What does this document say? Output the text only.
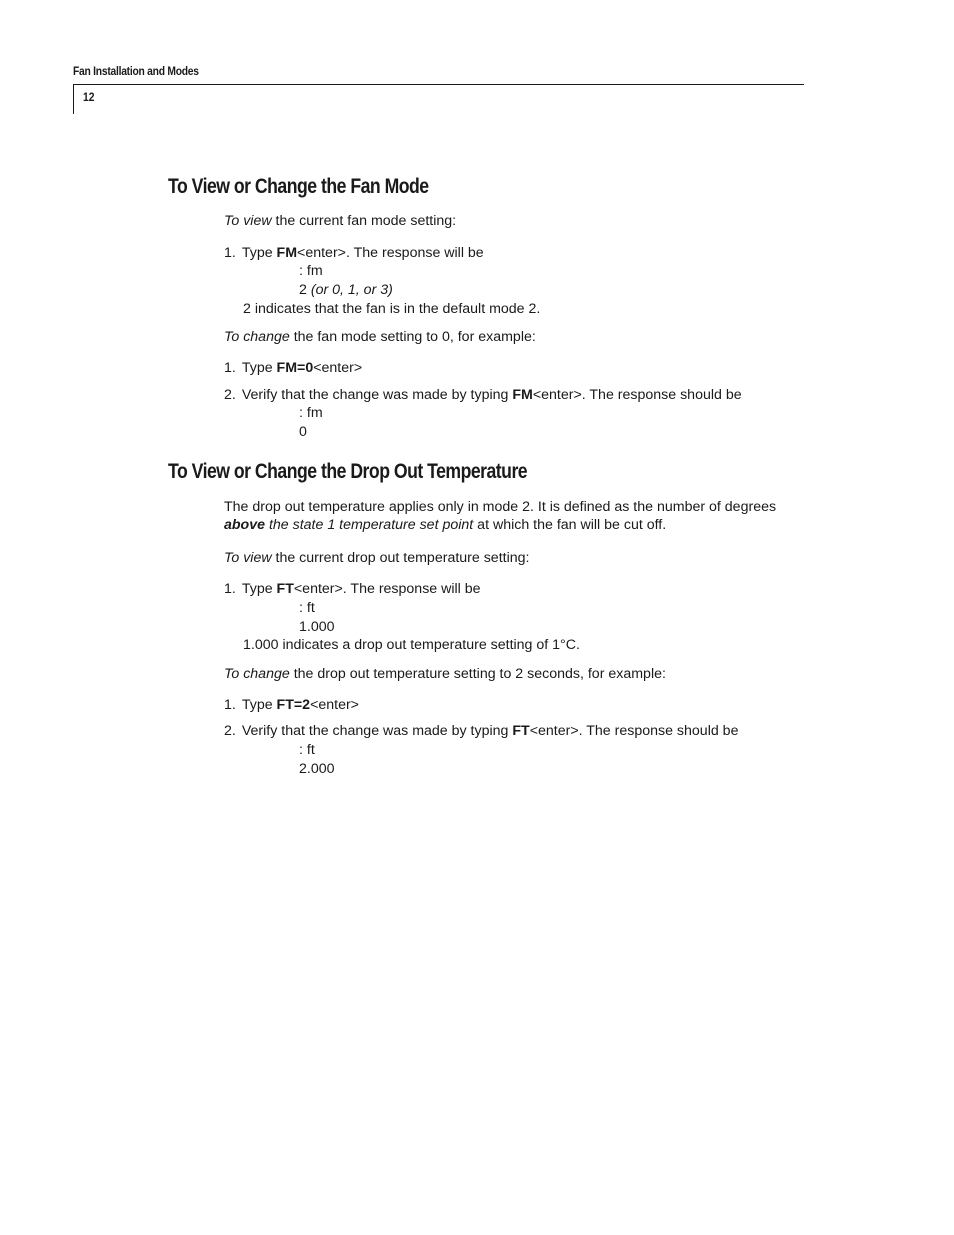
Fan Installation and Modes
12
To View or Change the Fan Mode
To view the current fan mode setting:
1. Type FM<enter>. The response will be
: fm
2 (or 0, 1, or 3)
2 indicates that the fan is in the default mode 2.
To change the fan mode setting to 0, for example:
1. Type FM=0<enter>
2. Verify that the change was made by typing FM<enter>. The response should be
: fm
0
To View or Change the Drop Out Temperature
The drop out temperature applies only in mode 2. It is defined as the number of degrees
above the state 1 temperature set point at which the fan will be cut off.
To view the current drop out temperature setting:
1. Type FT<enter>. The response will be
: ft
1.000
1.000 indicates a drop out temperature setting of 1°C.
To change the drop out temperature setting to 2 seconds, for example:
1. Type FT=2<enter>
2. Verify that the change was made by typing FT<enter>. The response should be
: ft
2.000
